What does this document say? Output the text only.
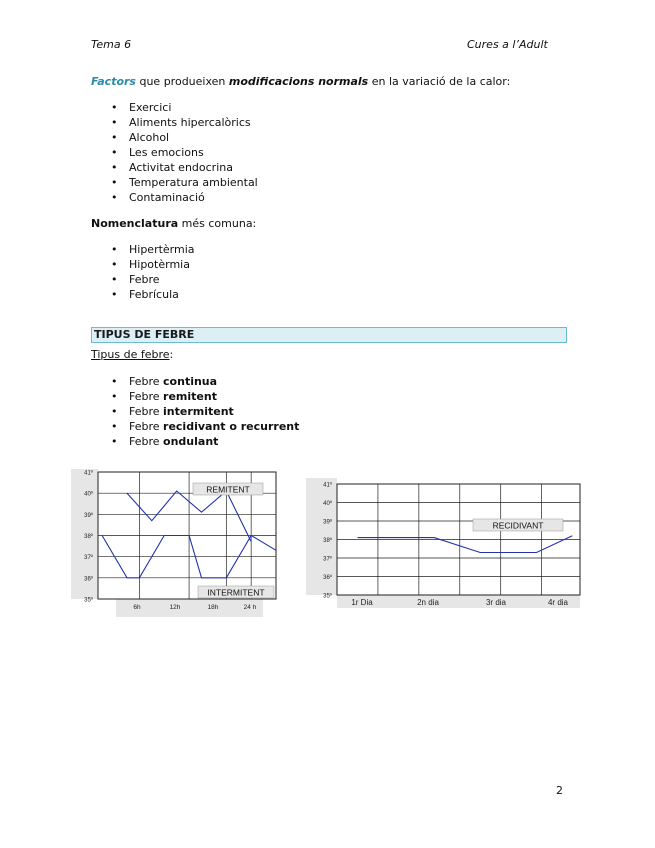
Tema 6	Cures a l’Adult
Factors que produeixen modificacions normals en la variació de la calor:
• Exercici
• Aliments hipercalòrics
• Alcohol
• Les emocions
• Activitat endocrina
• Temperatura ambiental
• Contaminació
Nomenclatura més comuna:
• Hipertèrmia
• Hipotèrmia
• Febre
• Febrícula
TIPUS DE FEBRE
Tipus de febre:
• Febre continua
• Febre remitent
• Febre intermitent
• Febre recidivant o recurrent
• Febre ondulant
41º
40º
39º
38º
37º
36º
35º
6h	12h	18h	24 h
REMITENT
INTERMITENT
41º
40º
39º
38º
37º
36º
35º
1r Dia	2n dia	3r dia	4r dia
RECIDIVANT
2
